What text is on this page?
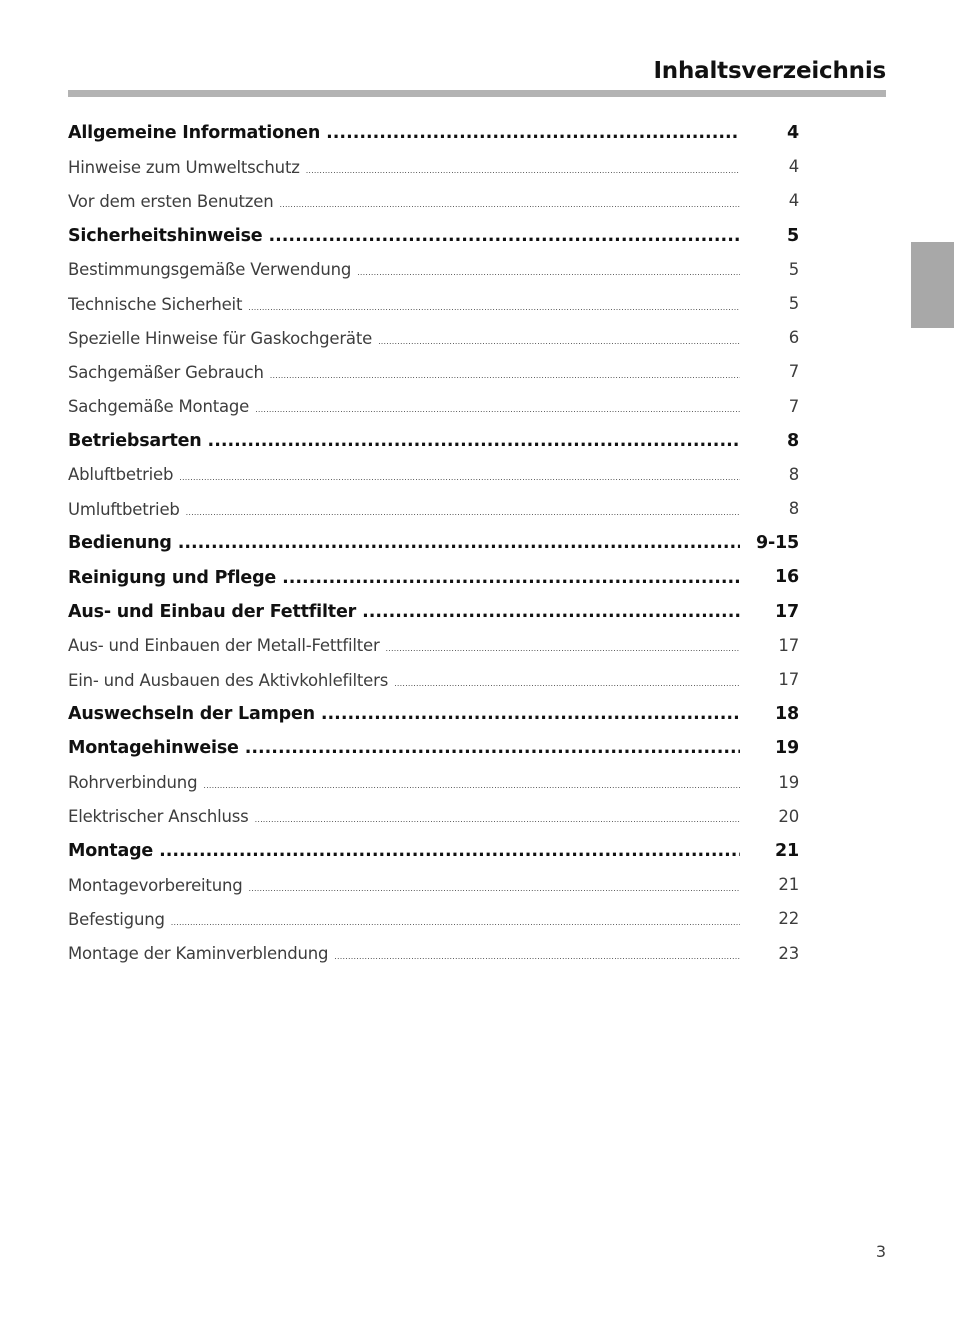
Inhaltsverzeichnis
Allgemeine Informationen .....	4
Hinweise zum Umweltschutz .....	4
Vor dem ersten Benutzen .....	4
Sicherheitshinweise .....	5
Bestimmungsgemäße Verwendung .....	5
Technische Sicherheit .....	5
Spezielle Hinweise für Gaskochgeräte .....	6
Sachgemäßer Gebrauch .....	7
Sachgemäße Montage .....	7
Betriebsarten .....	8
Abluftbetrieb .....	8
Umluftbetrieb .....	8
Bedienung .....	9-15
Reinigung und Pflege .....	16
Aus- und Einbau der Fettfilter .....	17
Aus- und Einbauen der Metall-Fettfilter .....	17
Ein- und Ausbauen des Aktivkohlefilters .....	17
Auswechseln der Lampen .....	18
Montagehinweise .....	19
Rohrverbindung .....	19
Elektrischer Anschluss .....	20
Montage .....	21
Montagevorbereitung .....	21
Befestigung .....	22
Montage der Kaminverblendung .....	23
3
